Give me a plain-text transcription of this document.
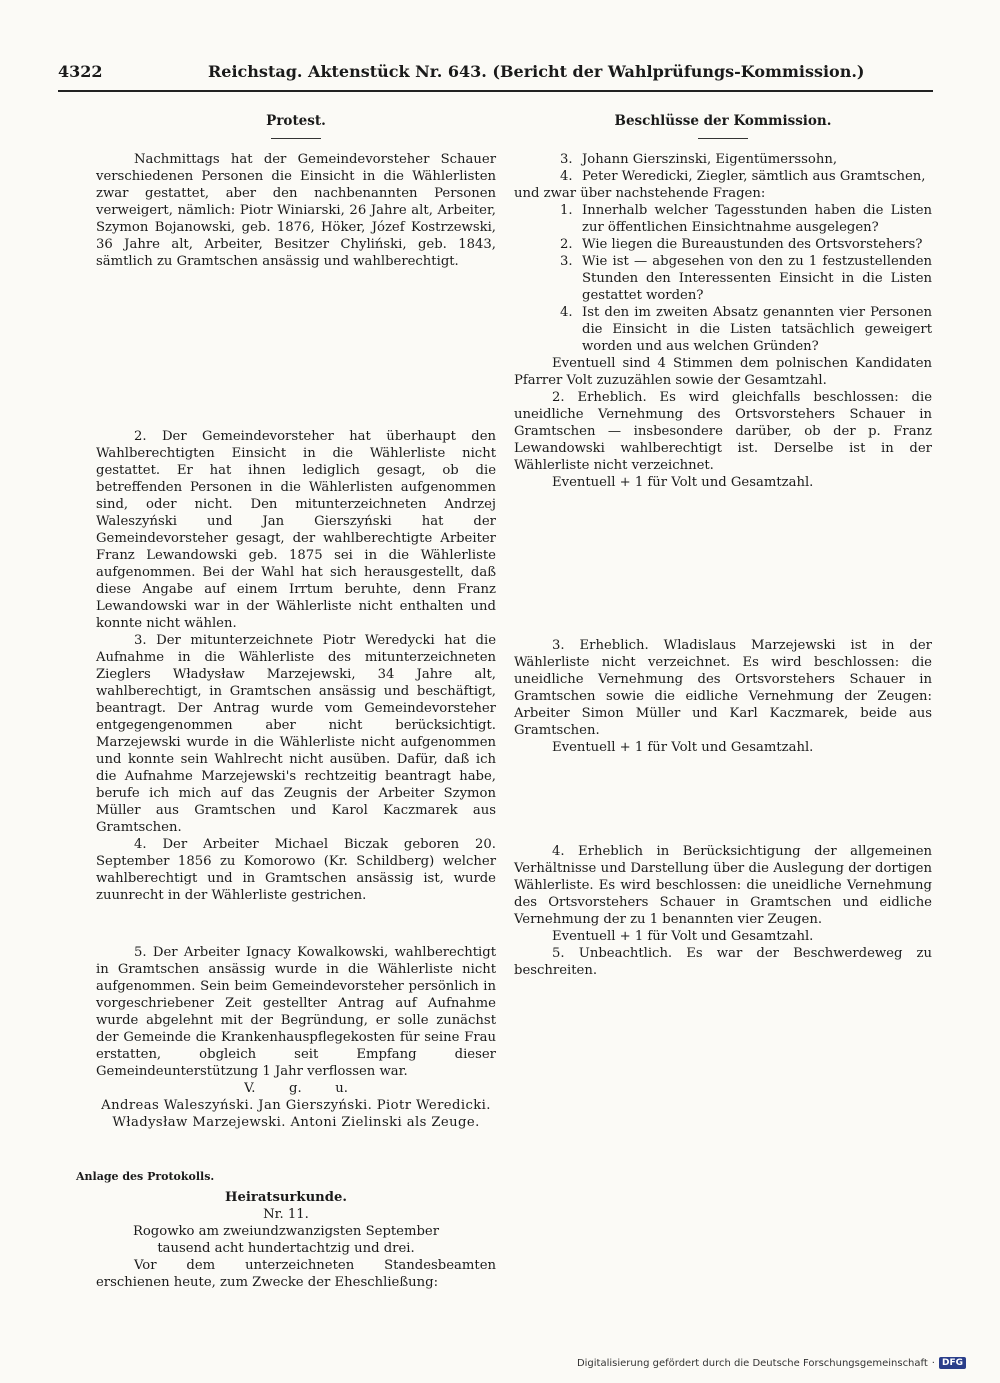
4322	Reichstag. Aktenstück Nr. 643. (Bericht der Wahlprüfungs-Kommission.)
Protest.

Nachmittags hat der Gemeindevorsteher Schauer verschiedenen Personen die Einsicht in die Wählerlisten zwar gestattet, aber den nachbenannten Personen verweigert, nämlich: Piotr Winiarski, 26 Jahre alt, Arbeiter, Szymon Bojanowski, geb. 1876, Höker, Józef Kostrzewski, 36 Jahre alt, Arbeiter, Besitzer Chyliński, geb. 1843, sämtlich zu Gramtschen ansässig und wahlberechtigt.

2. Der Gemeindevorsteher hat überhaupt den Wahlberechtigten Einsicht in die Wählerliste nicht gestattet. Er hat ihnen lediglich gesagt, ob die betreffenden Personen in die Wählerlisten aufgenommen sind, oder nicht. Den mitunterzeichneten Andrzej Waleszyński und Jan Gierszyński hat der Gemeindevorsteher gesagt, der wahlberechtigte Arbeiter Franz Lewandowski geb. 1875 sei in die Wählerliste aufgenommen. Bei der Wahl hat sich herausgestellt, daß diese Angabe auf einem Irrtum beruhte, denn Franz Lewandowski war in der Wählerliste nicht enthalten und konnte nicht wählen.

3. Der mitunterzeichnete Piotr Weredycki hat die Aufnahme in die Wählerliste des mitunterzeichneten Zieglers Władysław Marzejewski, 34 Jahre alt, wahlberechtigt, in Gramtschen ansässig und beschäftigt, beantragt. Der Antrag wurde vom Gemeindevorsteher entgegengenommen aber nicht berücksichtigt. Marzejewski wurde in die Wählerliste nicht aufgenommen und konnte sein Wahlrecht nicht ausüben. Dafür, daß ich die Aufnahme Marzejewski's rechtzeitig beantragt habe, berufe ich mich auf das Zeugnis der Arbeiter Szymon Müller aus Gramtschen und Karol Kaczmarek aus Gramtschen.

4. Der Arbeiter Michael Biczak geboren 20. September 1856 zu Komorowo (Kr. Schildberg) welcher wahlberechtigt und in Gramtschen ansässig ist, wurde zuunrecht in der Wählerliste gestrichen.

5. Der Arbeiter Ignacy Kowalkowski, wahlberechtigt in Gramtschen ansässig wurde in die Wählerliste nicht aufgenommen. Sein beim Gemeindevorsteher persönlich in vorgeschriebener Zeit gestellter Antrag auf Aufnahme wurde abgelehnt mit der Begründung, er solle zunächst der Gemeinde die Krankenhauspflegekosten für seine Frau erstatten, obgleich seit Empfang dieser Gemeindeunterstützung 1 Jahr verflossen war.

V.        g.        u.

Andreas Waleszyński. Jan Gierszyński. Piotr Weredicki. Władysław Marzejewski. Antoni Zielinski als Zeuge.

Anlage des Protokolls.

Heiratsurkunde.

Nr. 11.

Rogowko am zweiundzwanzigsten September tausend acht hundertachtzig und drei.

Vor dem unterzeichneten Standesbeamten erschienen heute, zum Zwecke der Eheschließung:

Beschlüsse der Kommission.
3. Johann Gierszinski, Eigentümerssohn,
4. Peter Weredicki, Ziegler, sämtlich aus Gramtschen,

und zwar über nachstehende Fragen:

1. Innerhalb welcher Tagesstunden haben die Listen zur öffentlichen Einsichtnahme ausgelegen?
2. Wie liegen die Bureaustunden des Ortsvorstehers?
3. Wie ist — abgesehen von den zu 1 festzustellenden Stunden den Interessenten Einsicht in die Listen gestattet worden?
4. Ist den im zweiten Absatz genannten vier Personen die Einsicht in die Listen tatsächlich geweigert worden und aus welchen Gründen?

Eventuell sind 4 Stimmen dem polnischen Kandidaten Pfarrer Volt zuzuzählen sowie der Gesamtzahl.

2. Erheblich. Es wird gleichfalls beschlossen: die uneidliche Vernehmung des Ortsvorstehers Schauer in Gramtschen — insbesondere darüber, ob der p. Franz Lewandowski wahlberechtigt ist. Derselbe ist in der Wählerliste nicht verzeichnet.

Eventuell + 1 für Volt und Gesamtzahl.

3. Erheblich. Wladislaus Marzejewski ist in der Wählerliste nicht verzeichnet. Es wird beschlossen: die uneidliche Vernehmung des Ortsvorstehers Schauer in Gramtschen sowie die eidliche Vernehmung der Zeugen: Arbeiter Simon Müller und Karl Kaczmarek, beide aus Gramtschen.

Eventuell + 1 für Volt und Gesamtzahl.

4. Erheblich in Berücksichtigung der allgemeinen Verhältnisse und Darstellung über die Auslegung der dortigen Wählerliste. Es wird beschlossen: die uneidliche Vernehmung des Ortsvorstehers Schauer in Gramtschen und eidliche Vernehmung der zu 1 benannten vier Zeugen.

Eventuell + 1 für Volt und Gesamtzahl.

5. Unbeachtlich. Es war der Beschwerdeweg zu beschreiten.

Digitalisierung gefördert durch die Deutsche Forschungsgemeinschaft · DFG
